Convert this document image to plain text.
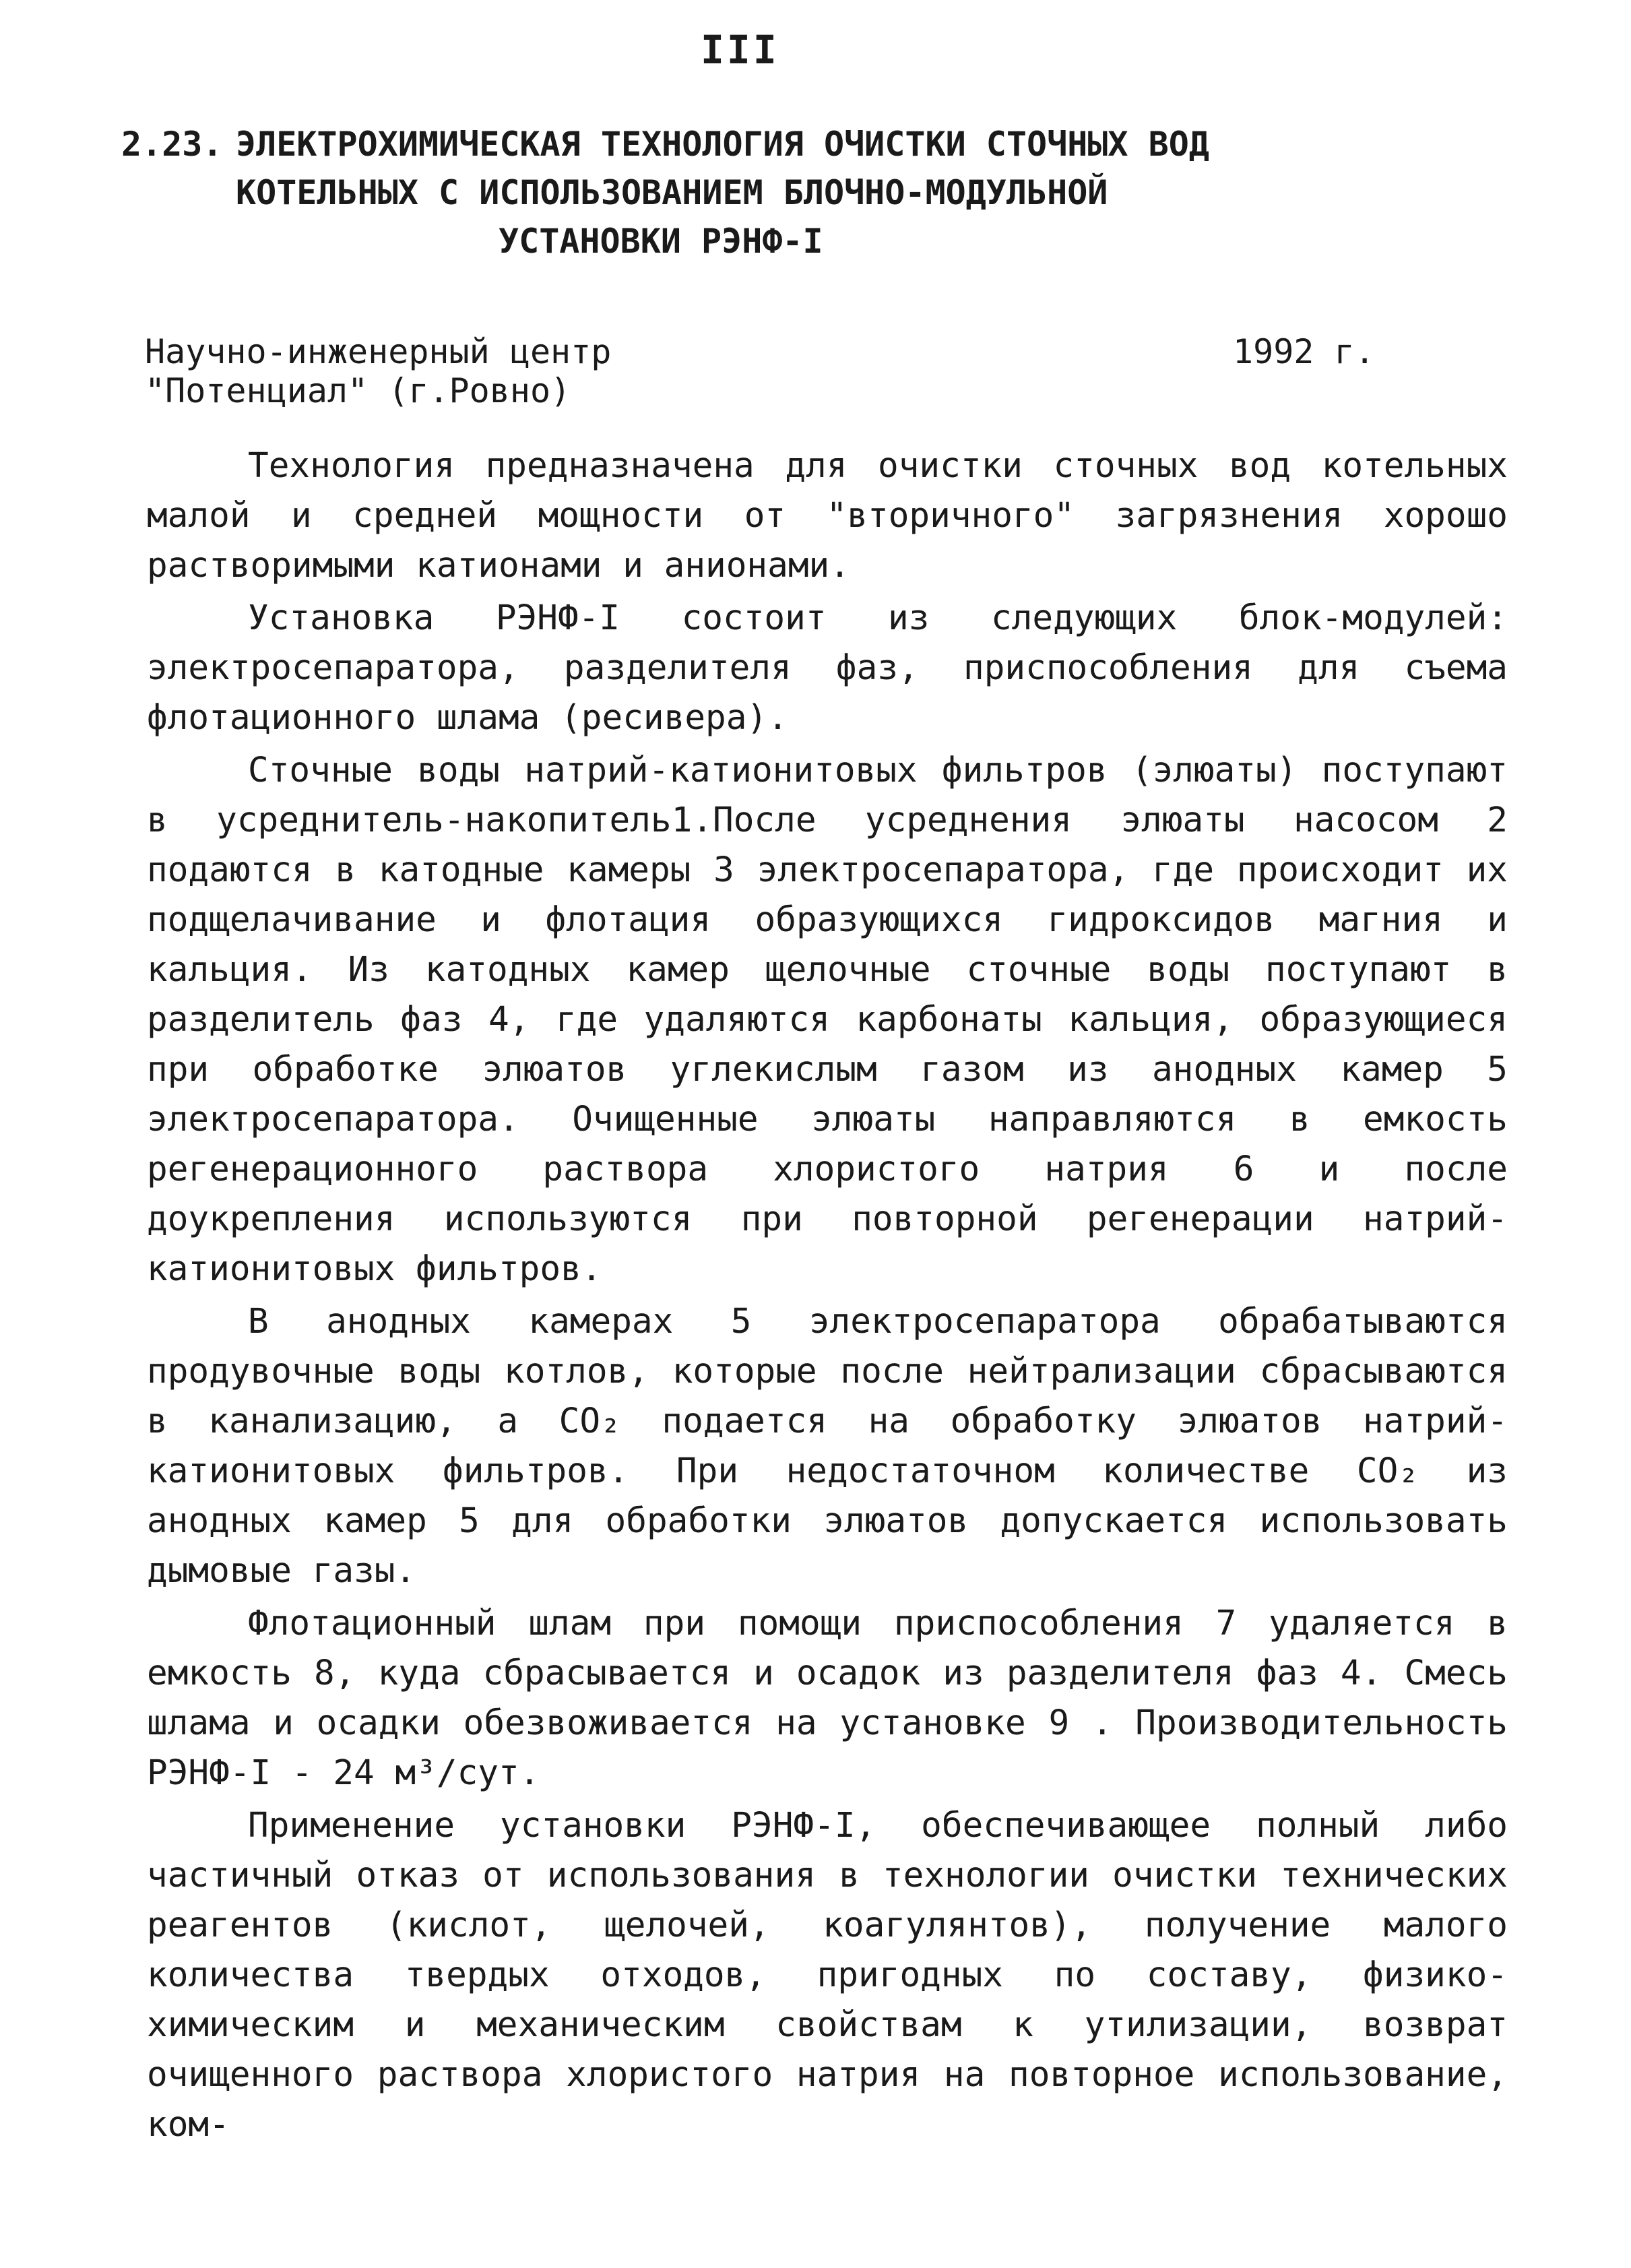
III
2.23. ЭЛЕКТРОХИМИЧЕСКАЯ ТЕХНОЛОГИЯ ОЧИСТКИ СТОЧНЫХ ВОД
КОТЕЛЬНЫХ С ИСПОЛЬЗОВАНИЕМ БЛОЧНО-МОДУЛЬНОЙ
УСТАНОВКИ РЭНФ-I
Научно-инженерный центр
"Потенциал" (г.Ровно)
1992 г.

Технология предназначена для очистки сточных вод котельных малой и средней мощности от "вторичного" загрязнения хорошо растворимыми катионами и анионами.

Установка РЭНФ-I состоит из следующих блок-модулей: электросепаратора, разделителя фаз, приспособления для съема флотационного шлама (ресивера).

Сточные воды натрий-катионитовых фильтров (элюаты) поступают в усреднитель-накопитель1.После усреднения элюаты насосом 2 подаются в катодные камеры 3 электросепаратора, где происходит их подщелачивание и флотация образующихся гидроксидов магния и кальция. Из катодных камер щелочные сточные воды поступают в разделитель фаз 4, где удаляются карбонаты кальция, образующиеся при обработке элюатов углекислым газом из анодных камер 5 электросепаратора. Очищенные элюаты направляются в емкость регенерационного раствора хлористого натрия 6 и после доукрепления используются при повторной регенерации натрий-катионитовых фильтров.

В анодных камерах 5 электросепаратора обрабатываются продувочные воды котлов, которые после нейтрализации сбрасываются в канализацию, а CO₂ подается на обработку элюатов натрий-катионитовых фильтров. При недостаточном количестве CO₂ из анодных камер 5 для обработки элюатов допускается использовать дымовые газы.

Флотационный шлам при помощи приспособления 7 удаляется в емкость 8, куда сбрасывается и осадок из разделителя фаз 4. Смесь шлама и осадки обезвоживается на установке 9 . Производительность РЭНФ-I - 24 м³/сут.

Применение установки РЭНФ-I, обеспечивающее полный либо частичный отказ от использования в технологии очистки технических реагентов (кислот, щелочей, коагулянтов), получение малого количества твердых отходов, пригодных по составу, физико-химическим и механическим свойствам к утилизации, возврат очищенного раствора хлористого натрия на повторное использование, ком-
